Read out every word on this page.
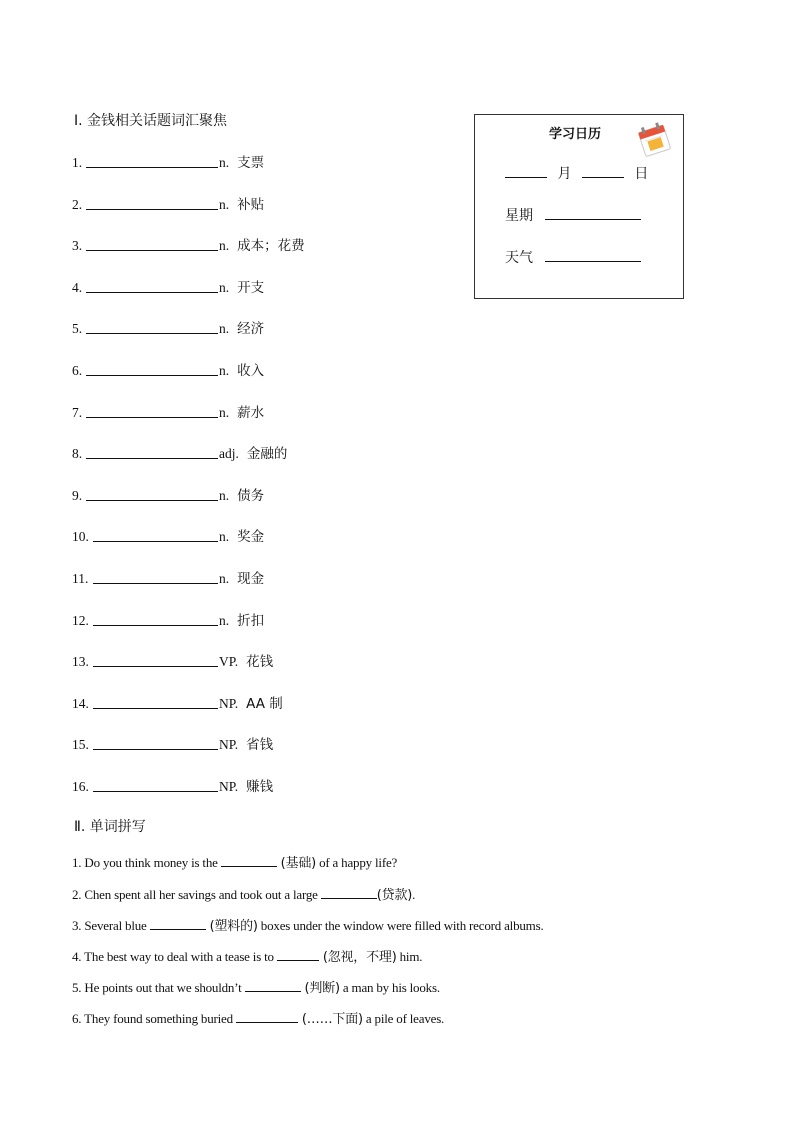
Ⅰ. 金钱相关话题词汇聚焦
1.	n. 支票
2.	n. 补贴
3.	n. 成本；花费
4.	n. 开支
5.	n. 经济
6.	n. 收入
7.	n. 薪水
8.	adj. 金融的
9.	n. 债务
10.	n. 奖金
11.	n. 现金
12.	n. 折扣
13.	VP. 花钱
14.	NP. AA 制
15.	NP. 省钱
16.	NP. 赚钱
Ⅱ. 单词拼写
1. Do you think money is the	(基础) of a happy life?
2. Chen spent all her savings and took out a large	(贷款).
3. Several blue	(塑料的) boxes under the window were filled with record albums.
4. The best way to deal with a tease is to	(忽视，不理) him.
5. He points out that we shouldn’t	(判断) a man by his looks.
6. They found something buried	(……下面) a pile of leaves.
学习日历
月	日
星期
天气
